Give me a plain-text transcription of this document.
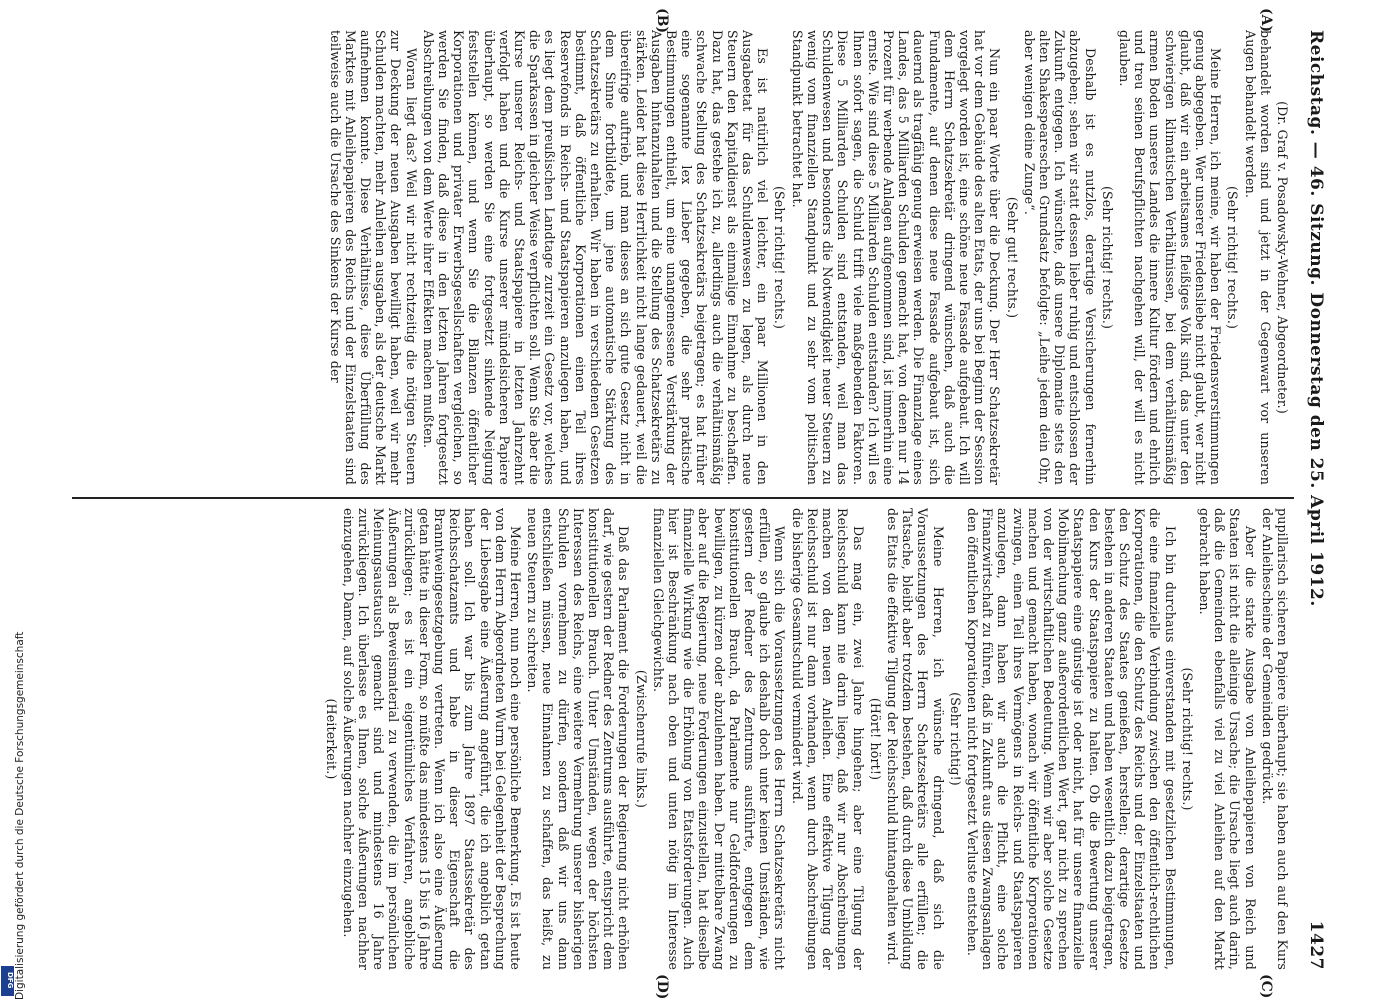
Digitalisierung gefördert durch die Deutsche Forschungsgemeinschaft
DFG
Reichstag. — 46. Sitzung. Donnerstag den 25. April 1912.
1427
(A)
(B)
(C)
(D)

(Dr. Graf v. Posadowsky-Wehner, Abgeordneter.)

behandelt worden sind und jetzt in der Gegenwart vor unseren Augen behandelt werden.

(Sehr richtig! rechts.)

Meine Herren, ich meine, wir haben der Friedensverstimmungen genug abgegeben. Wer unserer Friedensliebe nicht glaubt, wer nicht glaubt, daß wir ein arbeitsames fleißiges Volk sind, das unter den schwierigen klimatischen Verhältnissen, bei dem verhältnismäßig armen Boden unseres Landes die innere Kultur fördern und ehrlich und treu seinen Berufspflichten nachgehen will, der will es nicht glauben.

(Sehr richtig! rechts.)

Deshalb ist es nutzlos, derartige Versicherungen fernerhin abzugeben; sehen wir statt dessen lieber ruhig und entschlossen der Zukunft entgegen. Ich wünschte, daß unsere Diplomatie stets den alten Shakespeareschen Grundsatz befolgte: „Leihe jedem dein Ohr, aber wenigen deine Zunge“.

(Sehr gut! rechts.)

Nun ein paar Worte über die Deckung. Der Herr Schatzsekretär hat vor dem Gebäude des alten Etats, der uns bei Beginn der Session vorgelegt worden ist, eine schöne neue Fassade aufgebaut. Ich will dem Herrn Schatzsekretär dringend wünschen, daß auch die Fundamente, auf denen diese neue Fassade aufgebaut ist, sich dauernd als tragfähig genug erweisen werden. Die Finanzlage eines Landes, das 5 Milliarden Schulden gemacht hat, von denen nur 14 Prozent für werbende Anlagen aufgenommen sind, ist immerhin eine ernste. Wie sind diese 5 Milliarden Schulden entstanden? Ich will es Ihnen sofort sagen, die Schuld trifft viele maßgebenden Faktoren. Diese 5 Milliarden Schulden sind entstanden, weil man das Schuldenwesen und besonders die Notwendigkeit neuer Steuern zu wenig vom finanziellen Standpunkt und zu sehr vom politischen Standpunkt betrachtet hat.

(Sehr richtig! rechts.)

Es ist natürlich viel leichter, ein paar Millionen in den Ausgabeetat für das Schuldenwesen zu legen, als durch neue Steuern den Kapitaldienst als einmalige Einnahme zu beschaffen. Dazu hat, das gestehe ich zu, allerdings auch die verhältnismäßig schwache Stellung des Schatzsekretärs beigetragen; es hat früher eine sogenannte lex Lieber gegeben, die sehr praktische Bestimmungen enthielt, um eine unangemessene Verstärkung der Ausgaben hintanzuhalten und die Stellung des Schatzsekretärs zu stärken. Leider hat diese Herrlichkeit nicht lange gedauert, weil die übereifrige auftrieb, und man dieses an sich gute Gesetz nicht in dem Sinne fortbildete, um jene automatische Stärkung des Schatzsekretärs zu erhalten. Wir haben in verschiedenen Gesetzen bestimmt, daß öffentliche Korporationen einen Teil ihres Reservefonds in Reichs- und Staatspapieren anzulegen haben, und es liegt dem preußischen Landtage zurzeit ein Gesetz vor, welches die Sparkassen in gleicher Weise verpflichten soll. Wenn Sie aber die Kurse unserer Reichs- und Staatspapiere in letzten Jahrzehnt verfolgt haben und die Kurse unserer mündelsicheren Papiere überhaupt, so werden Sie eine fortgesetzt sinkende Neigung feststellen können, und wenn Sie die Bilanzen öffentlicher Korporationen und privater Erwerbsgesellschaften vergleichen, so werden Sie finden, daß diese in den letzten Jahren fortgesetzt Abschreibungen von dem Werte ihrer Effekten machen mußten.

Woran liegt das? Weil wir nicht rechtzeitig die nötigen Steuern zur Deckung der neuen Ausgaben bewilligt haben, weil wir mehr Schulden machten, mehr Anleihen ausgaben, als der deutsche Markt aufnehmen konnte. Diese Verhältnisse, diese Überfüllung des Marktes mit Anleihepapieren des Reichs und der Einzelstaaten sind teilweise auch die Ursache des Sinkens der Kurse der

pupillarisch sicheren Papiere überhaupt; sie haben auch auf den Kurs der Anleihescheine der Gemeinden gedrückt.

Aber die starke Ausgabe von Anleihepapieren von Reich und Staaten ist nicht die alleinige Ursache; die Ursache liegt auch darin, daß die Gemeinden ebenfalls viel zu viel Anleihen auf den Markt gebracht haben.

(Sehr richtig! rechts.)

Ich bin durchaus einverstanden mit gesetzlichen Bestimmungen, die eine finanzielle Verbindung zwischen den öffentlich-rechtlichen Korporationen, die den Schutz des Reichs und der Einzelstaaten und den Schutz des Staates genießen, herstellen; derartige Gesetze bestehen in anderen Staaten und haben wesentlich dazu beigetragen, den Kurs der Staatspapiere zu halten. Ob die Bewertung unserer Staatspapiere eine günstige ist oder nicht, hat für unsere finanzielle Mobilmachung ganz außerordentlichen Wert, gar nicht zu sprechen von der wirtschaftlichen Bedeutung. Wenn wir aber solche Gesetze machen und gemacht haben, wonach wir öffentliche Korporationen zwingen, einen Teil ihres Vermögens in Reichs- und Staatspapieren anzulegen, dann haben wir auch die Pflicht, eine solche Finanzwirtschaft zu führen, daß in Zukunft aus diesen Zwangsanlagen den öffentlichen Korporationen nicht fortgesetzt Verluste entstehen.

(Sehr richtig!)

Meine Herren, ich wünsche dringend, daß sich die Voraussetzungen des Herrn Schatzsekretärs alle erfüllen; die Tatsache, bleibt aber trotzdem bestehen, daß durch diese Umbildung des Etats die effektive Tilgung der Reichsschuld hintangehalten wird.

(Hört! hört!)

Das mag ein, zwei Jahre hingehen; aber eine Tilgung der Reichsschuld kann nie darin liegen, daß wir nur Abschreibungen machen von den neuen Anleihen. Eine effektive Tilgung der Reichsschuld ist nur dann vorhanden, wenn durch Abschreibungen die bisherige Gesamtschuld vermindert wird.

Wenn sich die Voraussetzungen des Herrn Schatzsekretärs nicht erfüllen, so glaube ich deshalb doch unter keinen Umständen, wie gestern der Redner des Zentrums ausführte, entgegen dem konstitutionellen Brauch, da Parlamente nur Geldforderungen zu bewilligen, zu kürzen oder abzulehnen haben. Der mittelbare Zwang aber auf die Regierung, neue Forderungen einzustellen, hat dieselbe finanzielle Wirkung wie die Erhöhung von Etatsforderungen. Auch hier ist Beschränkung nach oben und unten nötig im Interesse finanziellen Gleichgewichts.

(Zwischenrufe links.)

Daß das Parlament die Forderungen der Regierung nicht erhöhen darf, wie gestern der Redner des Zentrums ausführte, entspricht dem konstitutionellen Brauch. Unter Umständen, wegen der höchsten Interessen des Reichs, eine weitere Vermehrung unserer bisherigen Schulden vornehmen zu dürfen, sondern daß wir uns dann entschließen müssen, neue Einnahmen zu schaffen, das heißt, zu neuen Steuern zu schreiten.

Meine Herren, nun noch eine persönliche Bemerkung. Es ist heute von dem Herrn Abgeordneten Wurm bei Gelegenheit der Besprechung der Liebesgabe eine Äußerung angeführt, die ich angeblich getan haben soll. Ich war bis zum Jahre 1897 Staatssekretär des Reichsschatzamts und habe in dieser Eigenschaft die Branntweingesetzgebung vertreten. Wenn ich also eine Äußerung getan hätte in dieser Form, so müßte das mindestens 15 bis 16 Jahre zurückliegen; es ist ein eigentümliches Verfahren, angebliche Äußerungen als Beweismaterial zu verwenden, die im persönlichen Meinungsaustausch gemacht sind und mindestens 16 Jahre zurückliegen. Ich überlasse es Ihnen, solche Äußerungen nachher einzugehen, Damen, auf solche Äußerungen nachher einzugehen.

(Heiterkeit.)
